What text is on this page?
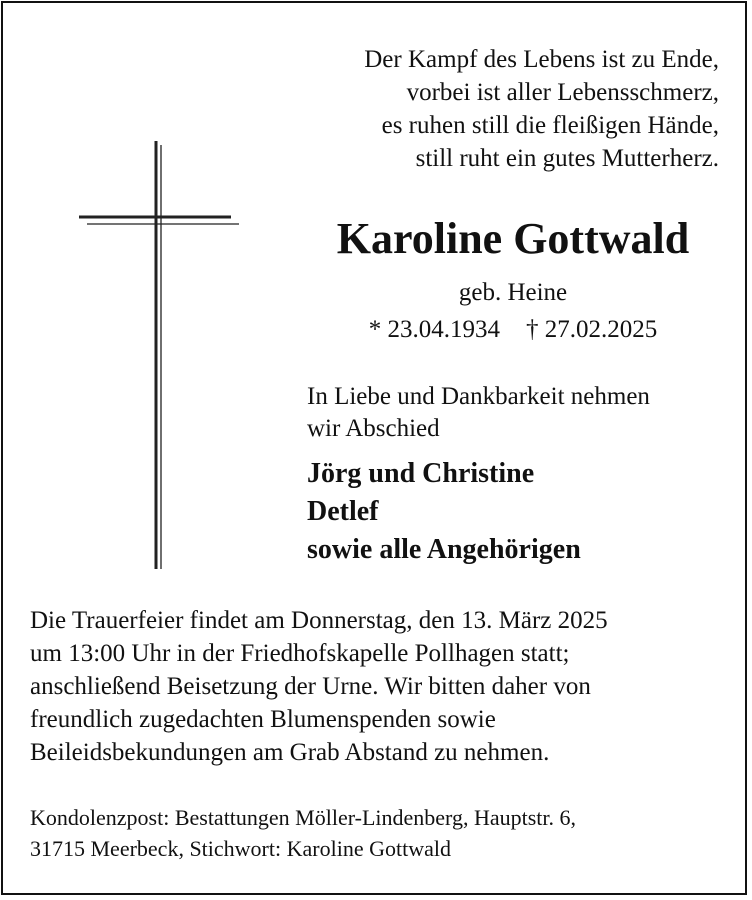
Der Kampf des Lebens ist zu Ende,
vorbei ist aller Lebensschmerz,
es ruhen still die fleißigen Hände,
still ruht ein gutes Mutterherz.
Karoline Gottwald
geb. Heine
* 23.04.1934 † 27.02.2025
In Liebe und Dankbarkeit nehmen
wir Abschied
Jörg und Christine
Detlef
sowie alle Angehörigen
Die Trauerfeier findet am Donnerstag, den 13. März 2025
um 13:00 Uhr in der Friedhofskapelle Pollhagen statt;
anschließend Beisetzung der Urne. Wir bitten daher von
freundlich zugedachten Blumenspenden sowie
Beileidsbekundungen am Grab Abstand zu nehmen.
Kondolenzpost: Bestattungen Möller-Lindenberg, Hauptstr. 6,
31715 Meerbeck, Stichwort: Karoline Gottwald
